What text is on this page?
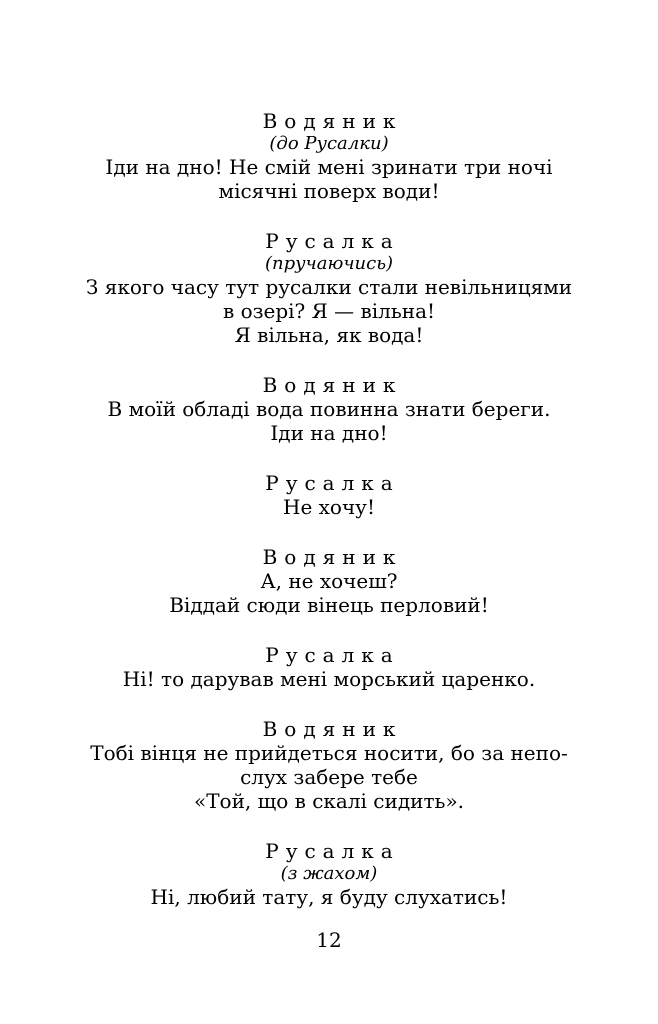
Водяник
(до Русалки)
Іди на дно! Не смій мені зринати три ночі
місячні поверх води!
Русалка
(пручаючись)
З якого часу тут русалки стали невільницями
в озері? Я — вільна!
Я вільна, як вода!
Водяник
В моїй обладі вода повинна знати береги.
Іди на дно!
Русалка
Не хочу!
Водяник
А, не хочеш?
Віддай сюди вінець перловий!
Русалка
Ні! то дарував мені морський царенко.
Водяник
Тобі вінця не прийдеться носити, бо за непо-
слух забере тебе
«Той, що в скалі сидить».
Русалка
(з жахом)
Ні, любий тату, я буду слухатись!
12
